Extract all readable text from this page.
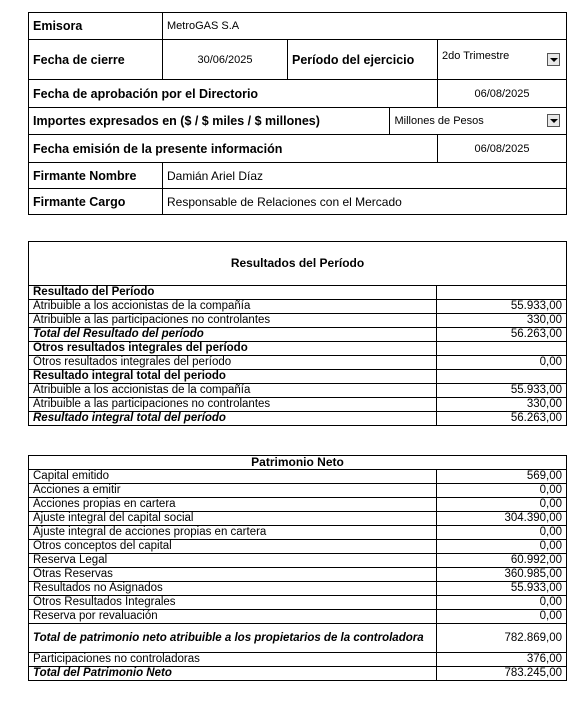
Emisora	MetroGAS S.A		
Fecha de cierre	30/06/2025	Período del ejercicio	2do Trimestre

Fecha de aprobación por el Directorio			06/08/2025
Importes expresados en ($ / $ miles / $ millones)		Millones de Pesos	

Fecha emisión de la presente información			06/08/2025
Firmante Nombre	Damián Ariel Díaz		
Firmante Cargo	Responsable de Relaciones con el Mercado		
Resultados del Período	
Resultado del Período	
Atribuible a los accionistas de la compañía	55.933,00
Atribuible a las participaciones no controlantes	330,00
Total del Resultado del período	56.263,00
Otros resultados integrales del período	
Otros resultados integrales del período	0,00
Resultado integral total del periodo	
Atribuible a los accionistas de la compañía	55.933,00
Atribuible a las participaciones no controlantes	330,00
Resultado integral total del período	56.263,00
Patrimonio Neto	
Capital emitido	569,00
Acciones a emitir	0,00
Acciones propias en cartera	0,00
Ajuste integral del capital social	304.390,00
Ajuste integral de acciones propias en cartera	0,00
Otros conceptos del capital	0,00
Reserva Legal	60.992,00
Otras Reservas	360.985,00
Resultados no Asignados	55.933,00
Otros Resultados Integrales	0,00
Reserva por revaluación	0,00
Total de patrimonio neto atribuible a los propietarios de la controladora	782.869,00
Participaciones no controladoras	376,00
Total del Patrimonio Neto	783.245,00
